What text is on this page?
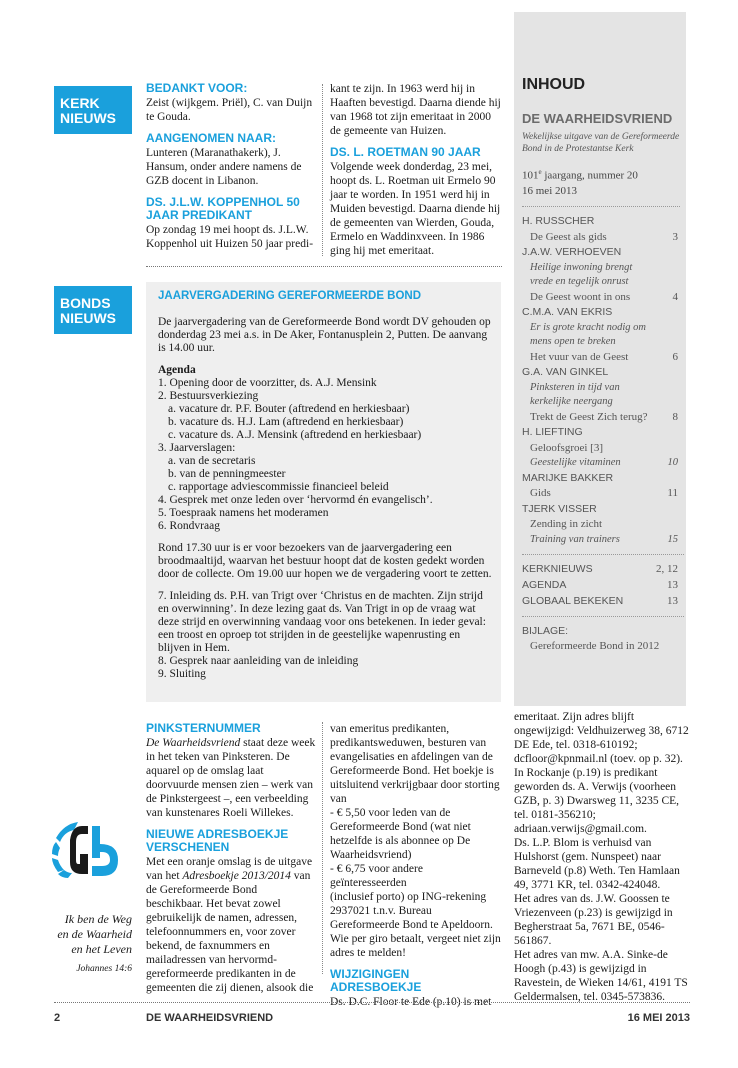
KERK
NIEUWS
BEDANKT VOOR:

Zeist (wijkgem. Priël), C. van Duijn te Gouda.

AANGENOMEN NAAR:

Lunteren (Maranathakerk), J. Hansum, onder andere namens de GZB docent in Libanon.

DS. J.L.W. KOPPENHOL 50 JAAR PREDIKANT

Op zondag 19 mei hoopt ds. J.L.W. Koppenhol uit Huizen 50 jaar predi-

kant te zijn. In 1963 werd hij in Haaften bevestigd. Daarna diende hij van 1968 tot zijn emeritaat in 2000 de gemeente van Huizen.

DS. L. ROETMAN 90 JAAR

Volgende week donderdag, 23 mei, hoopt ds. L. Roetman uit Ermelo 90 jaar te worden. In 1951 werd hij in Muiden bevestigd. Daarna diende hij de gemeenten van Wierden, Gouda, Ermelo en Waddinxveen. In 1986 ging hij met emeritaat.

BONDS
NIEUWS
JAARVERGADERING GEREFORMEERDE BOND

De jaarvergadering van de Gereformeerde Bond wordt DV gehouden op donderdag 23 mei a.s. in De Aker, Fontanusplein 2, Putten. De aanvang is 14.00 uur.

Agenda
1. Opening door de voorzitter, ds. A.J. Mensink
2. Bestuursverkiezing
a. vacature dr. P.F. Bouter (aftredend en herkiesbaar)
b. vacature ds. H.J. Lam (aftredend en herkiesbaar)
c. vacature ds. A.J. Mensink (aftredend en herkiesbaar)
3. Jaarverslagen:
a. van de secretaris
b. van de penningmeester
c. rapportage adviescommissie financieel beleid
4. Gesprek met onze leden over ‘hervormd én evangelisch’.
5. Toespraak namens het moderamen
6. Rondvraag

Rond 17.30 uur is er voor bezoekers van de jaarvergadering een broodmaaltijd, waarvan het bestuur hoopt dat de kosten gedekt worden door de collecte. Om 19.00 uur hopen we de vergadering voort te zetten.

7. Inleiding ds. P.H. van Trigt over ‘Christus en de machten. Zijn strijd en overwinning’. In deze lezing gaat ds. Van Trigt in op de vraag wat deze strijd en overwinning vandaag voor ons betekenen. In ieder geval: een troost en oproep tot strijden in de geestelijke wapenrusting en blijven in Hem.

8. Gesprek naar aanleiding van de inleiding
9. Sluiting
Ik ben de Weg
en de Waarheid
en het Leven
Johannes 14:6
PINKSTERNUMMER

De Waarheidsvriend staat deze week in het teken van Pinksteren. De aquarel op de omslag laat doorvuurde mensen zien – werk van de Pinkstergeest –, een verbeelding van kunstenares Roeli Willekes.

NIEUWE ADRESBOEKJE VERSCHENEN

Met een oranje omslag is de uitgave van het Adresboekje 2013/2014 van de Gereformeerde Bond beschikbaar. Het bevat zowel gebruikelijk de namen, adressen, telefoonnummers en, voor zover bekend, de faxnummers en mailadressen van hervormd-gereformeerde predikanten in de gemeenten die zij dienen, alsook die

van emeritus predikanten, predikantsweduwen, besturen van evangelisaties en afdelingen van de Gereformeerde Bond. Het boekje is uitsluitend verkrijgbaar door storting van
- € 5,50 voor leden van de Gereformeerde Bond (wat niet hetzelfde is als abonnee op De Waarheidsvriend)
- € 6,75 voor andere geïnteresseerden
(inclusief porto) op ING-rekening 2937021 t.n.v. Bureau Gereformeerde Bond te Apeldoorn. Wie per giro betaalt, vergeet niet zijn adres te melden!

WIJZIGINGEN ADRESBOEKJE

Ds. D.C. Floor te Ede (p.10) is met

emeritaat. Zijn adres blijft ongewijzigd: Veldhuizerweg 38, 6712 DE Ede, tel. 0318-610192; dcfloor@kpnmail.nl (toev. op p. 32).
In Rockanje (p.19) is predikant geworden ds. A. Verwijs (voorheen GZB, p. 3) Dwarsweg 11, 3235 CE, tel. 0181-356210; adriaan.verwijs@gmail.com.
Ds. L.P. Blom is verhuisd van Hulshorst (gem. Nunspeet) naar Barneveld (p.8) Weth. Ten Hamlaan 49, 3771 KR, tel. 0342-424048.
Het adres van ds. J.W. Goossen te Vriezenveen (p.23) is gewijzigd in Begherstraat 5a, 7671 BE, 0546-561867.
Het adres van mw. A.A. Sinke-de Hoogh (p.43) is gewijzigd in Ravestein, de Wieken 14/61, 4191 TS Geldermalsen, tel. 0345-573836.

INHOUD
DE WAARHEIDSVRIEND
Wekelijkse uitgave van de Gereformeerde Bond in de Protestantse Kerk
101e jaargang, nummer 20
16 mei 2013
H. RUSSCHER
De Geest als gids	3
J.A.W. VERHOEVEN
Heilige inwoning brengt vrede en tegelijk onrust
De Geest woont in ons	4
C.M.A. VAN EKRIS
Er is grote kracht nodig om mens open te breken
Het vuur van de Geest	6
G.A. VAN GINKEL
Pinksteren in tijd van kerkelijke neergang
Trekt de Geest Zich terug? 8
H. LIEFTING
Geloofsgroei [3]
Geestelijke vitaminen	10
MARIJKE BAKKER
Gids	11
TJERK VISSER
Zending in zicht
Training van trainers	15
KERKNIEUWS	2, 12
AGENDA	13
GLOBAAL BEKEKEN	13
BIJLAGE:
Gereformeerde Bond in 2012
2	DE WAARHEIDSVRIEND	16 MEI 2013
